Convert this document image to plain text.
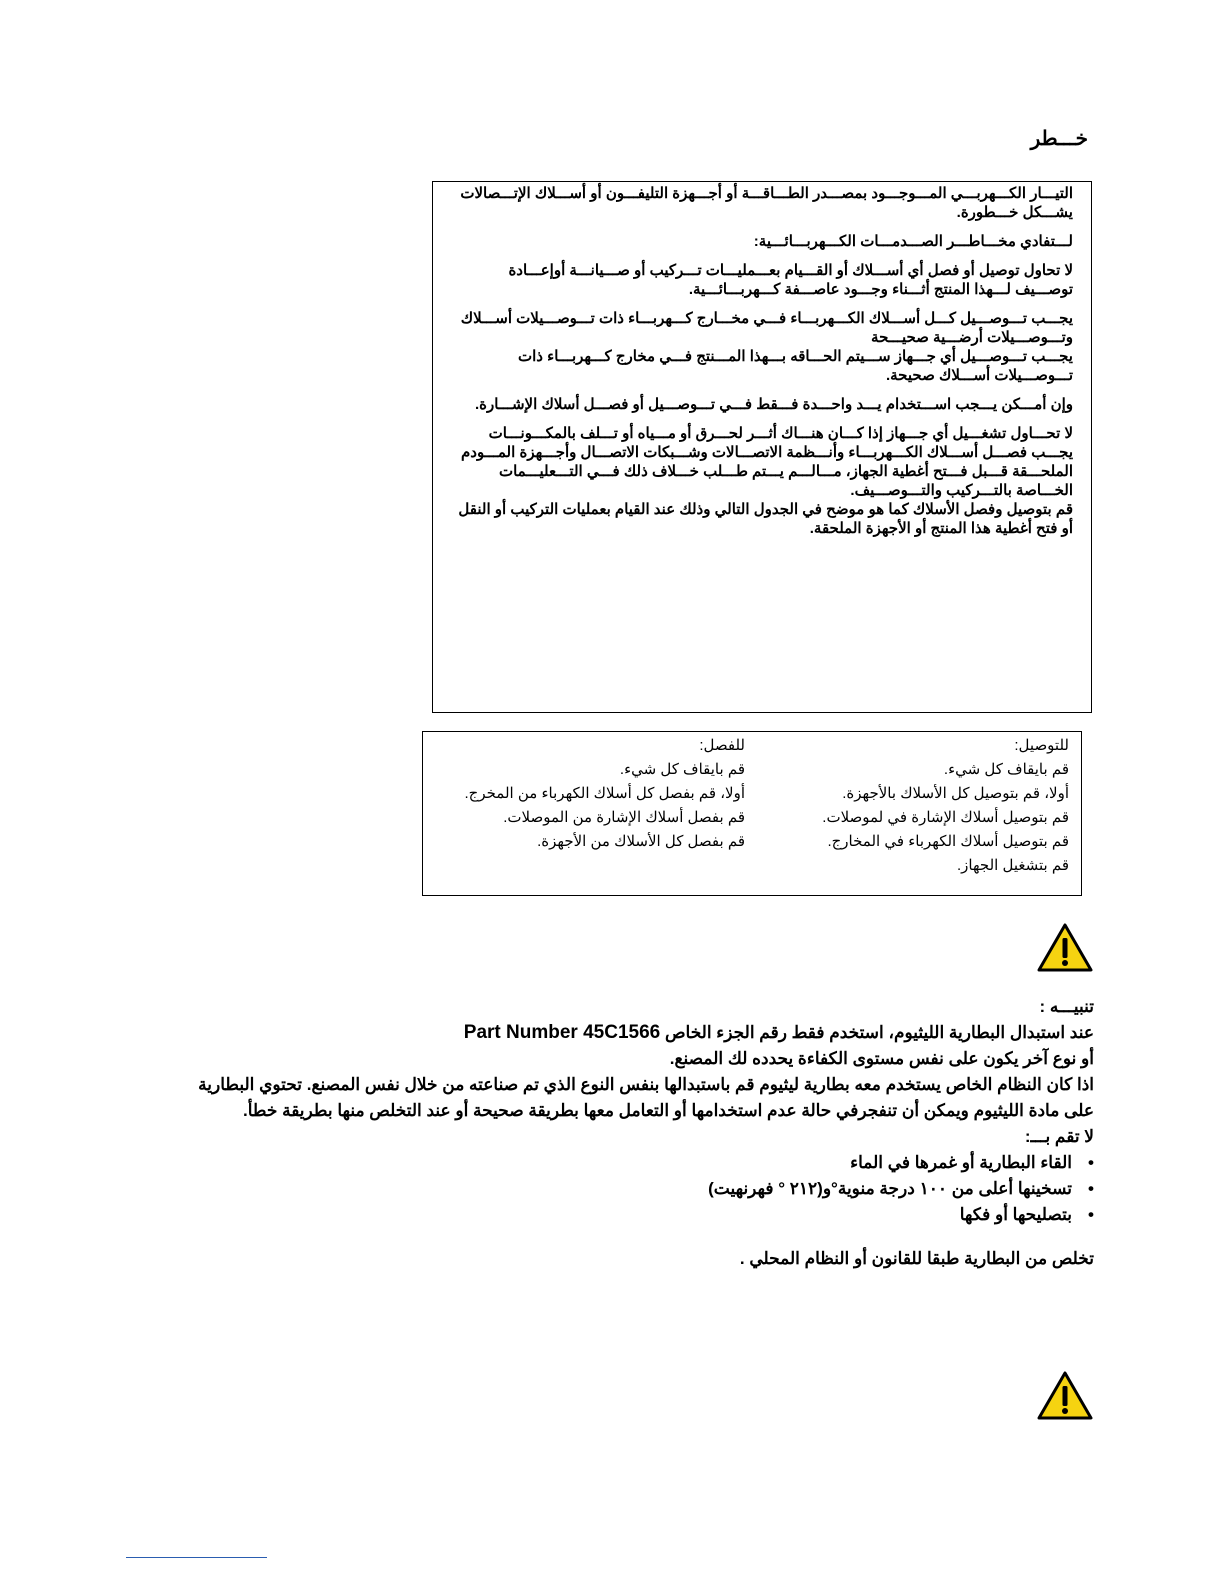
خـــطر

التيـــار الكـــهربـــي المـــوجـــود بمصـــدر الطـــاقـــة أو أجـــهزة التليفـــون أو أســـلاك الإتـــصالات يشـــكل خـــطورة.

لـــتفادي مخـــاطـــر الصـــدمـــات الكـــهربـــائـــية:

لا تحاول توصيل أو فصل أي أســـلاك أو القـــيام بعـــمليـــات تـــركيب أو صـــيانـــة أوإعـــادة توصـــيف لـــهذا المنتج أثـــناء وجـــود عاصـــفة كـــهربـــائـــية.

يجـــب تـــوصـــيل كـــل أســـلاك الكـــهربـــاء فـــي مخـــارج كـــهربـــاء ذات تـــوصـــيلات أســـلاك وتـــوصـــيلات أرضـــية صحيـــحة

يجـــب تـــوصـــيل أي جـــهاز ســـيتم الحـــاقه بـــهذا المـــنتج فـــي مخارج كـــهربـــاء ذات تـــوصـــيلات أســـلاك صحيحة.

وإن أمـــكن يـــجب اســـتخدام يـــد واحـــدة فـــقط فـــي تـــوصـــيل أو فصـــل أسلاك الإشـــارة.

لا تحـــاول تشغـــيل أي جـــهاز إذا كـــان هنـــاك أثـــر لحـــرق أو مـــياه أو تـــلف بالمكـــونـــات

يجـــب فصـــل أســـلاك الكـــهربـــاء وأنـــظمة الاتصـــالات وشـــبكات الاتصـــال وأجـــهزة المـــودم الملحـــقة قـــبل فـــتح أغطية الجهاز، مـــالـــم يـــتم طـــلب خـــلاف ذلك فـــي التـــعليـــمات الخـــاصة بالتـــركيب والتـــوصـــيف.

قم بتوصيل وفصل الأسلاك كما هو موضح في الجدول التالي وذلك عند القيام بعمليات التركيب أو النقل أو فتح أغطية هذا المنتج أو الأجهزة الملحقة.

للتوصيل:
قم بايقاف كل شيء.
أولا، قم بتوصيل كل الأسلاك بالأجهزة.
قم بتوصيل أسلاك الإشارة في لموصلات.
قم بتوصيل أسلاك الكهرباء في المخارج.
قم بتشغيل الجهاز.
للفصل:
قم بايقاف كل شيء.
أولا، قم بفصل كل أسلاك الكهرباء من المخرج.
قم بفصل أسلاك الإشارة من الموصلات.
قم بفصل كل الأسلاك من الأجهزة.

تنبيـــه :

عند استبدال البطارية الليثيوم، استخدم فقط رقم الجزء الخاص Part Number 45C1566

أو نوع آخر يكون على نفس مستوى الكفاءة يحدده لك المصنع.

اذا كان النظام الخاص يستخدم معه بطارية ليثيوم قم باستبدالها بنفس النوع الذي تم صناعته من خلال نفس المصنع. تحتوي البطارية على مادة الليثيوم ويمكن أن تنفجرفي حالة عدم استخدامها أو التعامل معها بطريقة صحيحة أو عند التخلص منها بطريقة خطأ.

لا تقم بـــ:

• القاء البطارية أو غمرها في الماء
• تسخينها أعلى من ١٠٠ درجة منوية°و(٢١٢ ° فهرنهيت)
• بتصليحها أو فكها

تخلص من البطارية طبقا للقانون أو النظام المحلي .
